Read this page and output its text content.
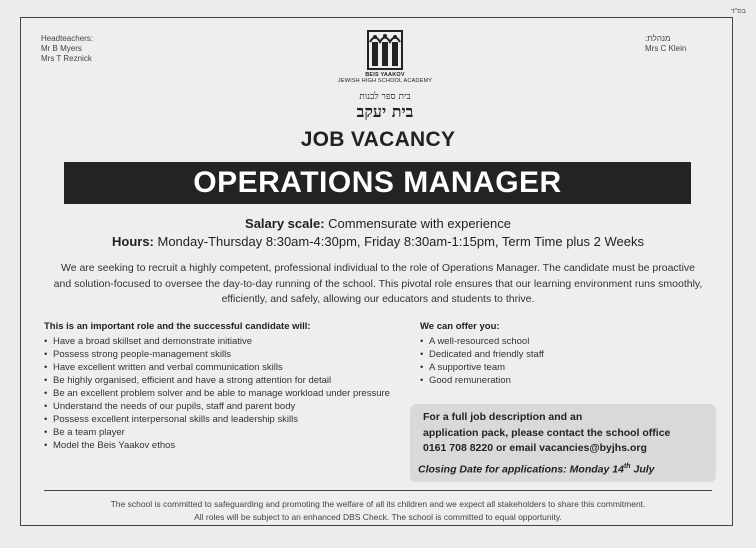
בס"ד
Headteachers:
Mr B Myers
Mrs T Reznick
מנהלת:
Mrs C Klein
BEIS YAAKOV
JEWISH HIGH SCHOOL ACADEMY
בית ספר לבנות
בית יעקב
JOB VACANCY
OPERATIONS MANAGER
Salary scale: Commensurate with experience
Hours: Monday-Thursday 8:30am-4:30pm, Friday 8:30am-1:15pm, Term Time plus 2 Weeks
We are seeking to recruit a highly competent, professional individual to the role of Operations Manager. The candidate must be proactive and solution-focused to oversee the day-to-day running of the school. This pivotal role ensures that our learning environment runs smoothly, efficiently, and safely, allowing our educators and students to thrive.
This is an important role and the successful candidate will:
• Have a broad skillset and demonstrate initiative
• Possess strong people-management skills
• Have excellent written and verbal communication skills
• Be highly organised, efficient and have a strong attention for detail
• Be an excellent problem solver and be able to manage workload under pressure
• Understand the needs of our pupils, staff and parent body
• Possess excellent interpersonal skills and leadership skills
• Be a team player
• Model the Beis Yaakov ethos
We can offer you:
• A well-resourced school
• Dedicated and friendly staff
• A supportive team
• Good remuneration
For a full job description and an
application pack, please contact the school office
0161 708 8220 or email vacancies@byjhs.org
Closing Date for applications: Monday 14th July
The school is committed to safeguarding and promoting the welfare of all its children and we expect all stakeholders to share this commitment.
All roles will be subject to an enhanced DBS Check. The school is committed to equal opportunity.
